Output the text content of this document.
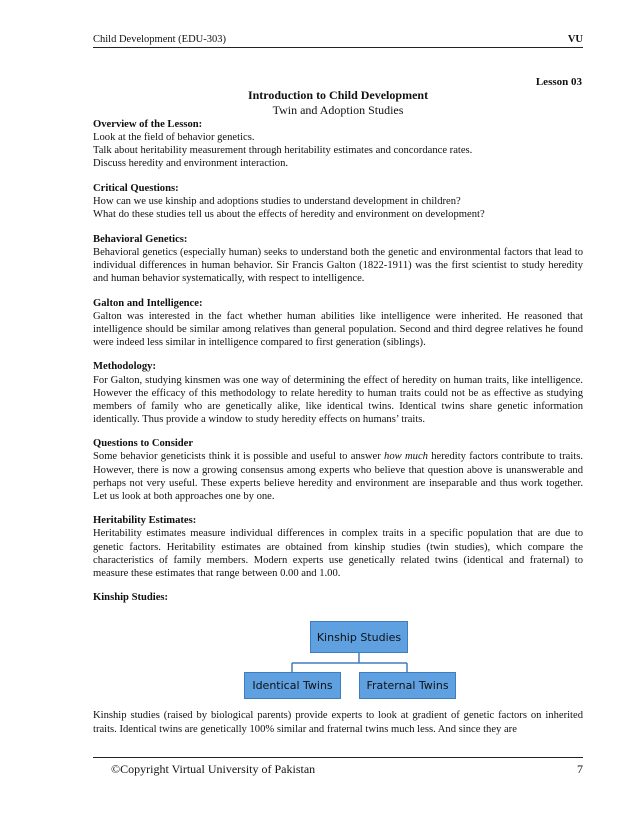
Child Development (EDU-303)	VU
Lesson 03
Introduction to Child Development
Twin and Adoption Studies
Overview of the Lesson:
Look at the field of behavior genetics.
Talk about heritability measurement through heritability estimates and concordance rates.
Discuss heredity and environment interaction.
Critical Questions:
How can we use kinship and adoptions studies to understand development in children?
What do these studies tell us about the effects of heredity and environment on development?
Behavioral Genetics:

Behavioral genetics (especially human) seeks to understand both the genetic and environmental factors that lead to individual differences in human behavior. Sir Francis Galton (1822-1911) was the first scientist to study heredity and human behavior systematically, with respect to intelligence.

Galton and Intelligence:

Galton was interested in the fact whether human abilities like intelligence were inherited. He reasoned that intelligence should be similar among relatives than general population. Second and third degree relatives he found were indeed less similar in intelligence compared to first generation (siblings).

Methodology:

For Galton, studying kinsmen was one way of determining the effect of heredity on human traits, like intelligence. However the efficacy of this methodology to relate heredity to human traits could not be as effective as studying members of family who are genetically alike, like identical twins. Identical twins share genetic information identically. Thus provide a window to study heredity effects on humans’ traits.

Questions to Consider

Some behavior geneticists think it is possible and useful to answer how much heredity factors contribute to traits. However, there is now a growing consensus among experts who believe that question above is unanswerable and perhaps not very useful. These experts believe heredity and environment are inseparable and thus work together. Let us look at both approaches one by one.

Heritability Estimates:

Heritability estimates measure individual differences in complex traits in a specific population that are due to genetic factors. Heritability estimates are obtained from kinship studies (twin studies), which compare the characteristics of family members. Modern experts use genetically related twins (identical and fraternal) to measure these estimates that range between 0.00 and 1.00.

Kinship Studies:
Kinship Studies
Identical Twins	Fraternal Twins

Kinship studies (raised by biological parents) provide experts to look at gradient of genetic factors on inherited traits. Identical twins are genetically 100% similar and fraternal twins much less. And since they are

©Copyright Virtual University of Pakistan	7
